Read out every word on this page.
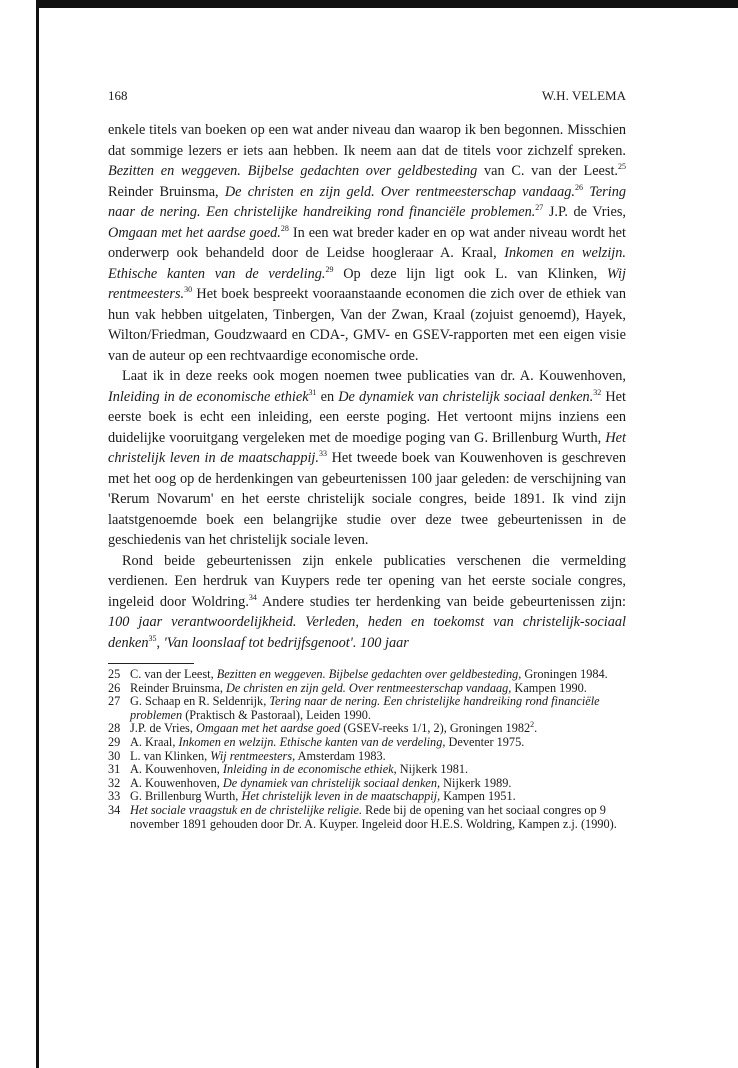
168	W.H. VELEMA

enkele titels van boeken op een wat ander niveau dan waarop ik ben begonnen. Misschien dat sommige lezers er iets aan hebben. Ik neem aan dat de titels voor zichzelf spreken. Bezitten en weggeven. Bijbelse gedachten over geldbesteding van C. van der Leest.$^{25}$ Reinder Bruinsma, De christen en zijn geld. Over rentmeesterschap vandaag.$^{26}$ Tering naar de nering. Een christelijke handreiking rond financiële problemen.$^{27}$ J.P. de Vries, Omgaan met het aardse goed.$^{28}$ In een wat breder kader en op wat ander niveau wordt het onderwerp ook behandeld door de Leidse hoogleraar A. Kraal, Inkomen en welzijn. Ethische kanten van de verdeling.$^{29}$ Op deze lijn ligt ook L. van Klinken, Wij rentmeesters.$^{30}$ Het boek bespreekt vooraanstaande economen die zich over de ethiek van hun vak hebben uitgelaten, Tinbergen, Van der Zwan, Kraal (zojuist genoemd), Hayek, Wilton/Friedman, Goudzwaard en CDA-, GMV- en GSEV-rapporten met een eigen visie van de auteur op een rechtvaardige economische orde.

Laat ik in deze reeks ook mogen noemen twee publicaties van dr. A. Kouwenhoven, Inleiding in de economische ethiek$^{31}$ en De dynamiek van christelijk sociaal denken.$^{32}$ Het eerste boek is echt een inleiding, een eerste poging. Het vertoont mijns inziens een duidelijke vooruitgang vergeleken met de moedige poging van G. Brillenburg Wurth, Het christelijk leven in de maatschappij.$^{33}$ Het tweede boek van Kouwenhoven is geschreven met het oog op de herdenkingen van gebeurtenissen 100 jaar geleden: de verschijning van 'Rerum Novarum' en het eerste christelijk sociale congres, beide 1891. Ik vind zijn laatstgenoemde boek een belangrijke studie over deze twee gebeurtenissen in de geschiedenis van het christelijk sociale leven.

Rond beide gebeurtenissen zijn enkele publicaties verschenen die vermelding verdienen. Een herdruk van Kuypers rede ter opening van het eerste sociale congres, ingeleid door Woldring.$^{34}$ Andere studies ter herdenking van beide gebeurtenissen zijn: 100 jaar verantwoordelijkheid. Verleden, heden en toekomst van christelijk-sociaal denken$^{35}$, 'Van loonslaaf tot bedrijfsgenoot'. 100 jaar

25 C. van der Leest, Bezitten en weggeven. Bijbelse gedachten over geldbesteding, Groningen 1984.
26 Reinder Bruinsma, De christen en zijn geld. Over rentmeesterschap vandaag, Kampen 1990.
27 G. Schaap en R. Seldenrijk, Tering naar de nering. Een christelijke handreiking rond financiële problemen (Praktisch & Pastoraal), Leiden 1990.
28 J.P. de Vries, Omgaan met het aardse goed (GSEV-reeks 1/1, 2), Groningen 1982$^2$.
29 A. Kraal, Inkomen en welzijn. Ethische kanten van de verdeling, Deventer 1975.
30 L. van Klinken, Wij rentmeesters, Amsterdam 1983.
31 A. Kouwenhoven, Inleiding in de economische ethiek, Nijkerk 1981.
32 A. Kouwenhoven, De dynamiek van christelijk sociaal denken, Nijkerk 1989.
33 G. Brillenburg Wurth, Het christelijk leven in de maatschappij, Kampen 1951.
34 Het sociale vraagstuk en de christelijke religie. Rede bij de opening van het sociaal congres op 9 november 1891 gehouden door Dr. A. Kuyper. Ingeleid door H.E.S. Woldring, Kampen z.j. (1990).
